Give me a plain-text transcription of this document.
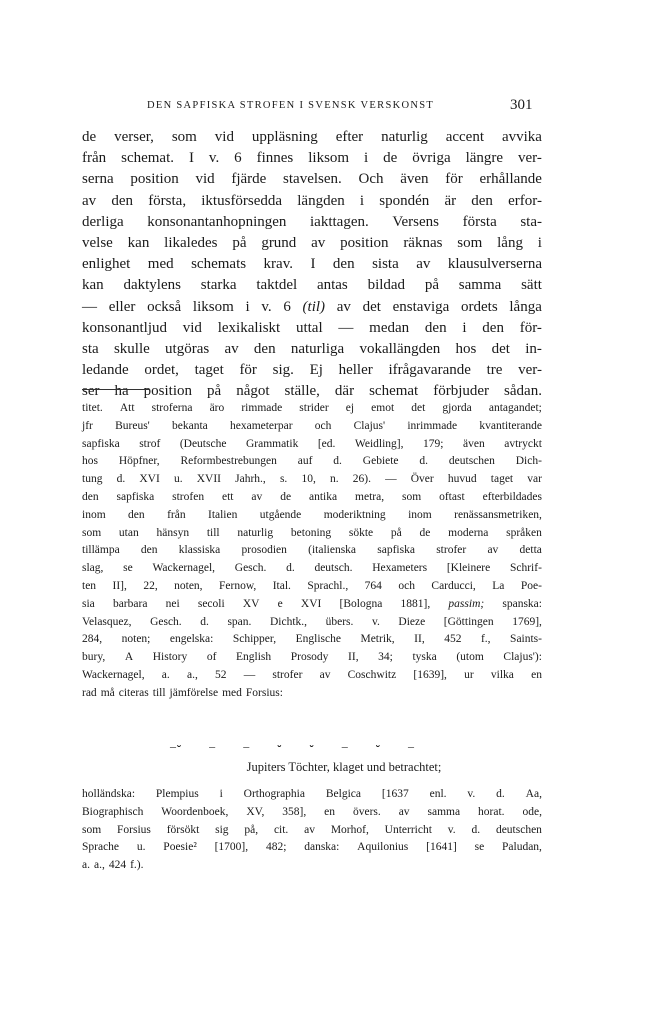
DEN SAPFISKA STROFEN I SVENSK VERSKONST	301
de verser, som vid uppläsning efter naturlig accent avvika
från schemat. I v. 6 finnes liksom i de övriga längre ver-
serna position vid fjärde stavelsen. Och även för erhållande
av den första, iktusförsedda längden i spondén är den erfor-
derliga konsonantanhopningen iakttagen. Versens första sta-
velse kan likaledes på grund av position räknas som lång i
enlighet med schemats krav. I den sista av klausulverserna
kan daktylens starka taktdel antas bildad på samma sätt
— eller också liksom i v. 6 (til) av det enstaviga ordets långa
konsonantljud vid lexikaliskt uttal — medan den i den för-
sta skulle utgöras av den naturliga vokallängden hos det in-
ledande ordet, taget för sig. Ej heller ifrågavarande tre ver-
ser ha position på något ställe, där schemat förbjuder sådan.
titet. Att stroferna äro rimmade strider ej emot det gjorda antagandet;
jfr Bureus' bekanta hexameterpar och Clajus' inrimmade kvantiterande
sapfiska strof (Deutsche Grammatik [ed. Weidling], 179; även avtryckt
hos Höpfner, Reformbestrebungen auf d. Gebiete d. deutschen Dich-
tung d. XVI u. XVII Jahrh., s. 10, n. 26). — Över huvud taget var
den sapfiska strofen ett av de antika metra, som oftast efterbildades
inom den från Italien utgående moderiktning inom renässansmetriken,
som utan hänsyn till naturlig betoning sökte på de moderna språken
tillämpa den klassiska prosodien (italienska sapfiska strofer av detta
slag, se Wackernagel, Gesch. d. deutsch. Hexameters [Kleinere Schrif-
ten II], 22, noten, Fernow, Ital. Sprachl., 764 och Carducci, La Poe-
sia barbara nei secoli XV e XVI [Bologna 1881], passim; spanska:
Velasquez, Gesch. d. span. Dichtk., übers. v. Dieze [Göttingen 1769],
284, noten; engelska: Schipper, Englische Metrik, II, 452 f., Saints-
bury, A History of English Prosody II, 34; tyska (utom Clajus'):
Wackernagel, a. a., 52 — strofer av Coschwitz [1639], ur vilka en
rad må citeras till jämförelse med Forsius:
–⏑ – – ⏑ ⏑ – ⏑ –
Jupiters Töchter, klaget und betrachtet;
holländska: Plempius i Orthographia Belgica [1637 enl. v. d. Aa,
Biographisch Woordenboek, XV, 358], en övers. av samma horat. ode,
som Forsius försökt sig på, cit. av Morhof, Unterricht v. d. deutschen
Sprache u. Poesie² [1700], 482; danska: Aquilonius [1641] se Paludan,
a. a., 424 f.).
